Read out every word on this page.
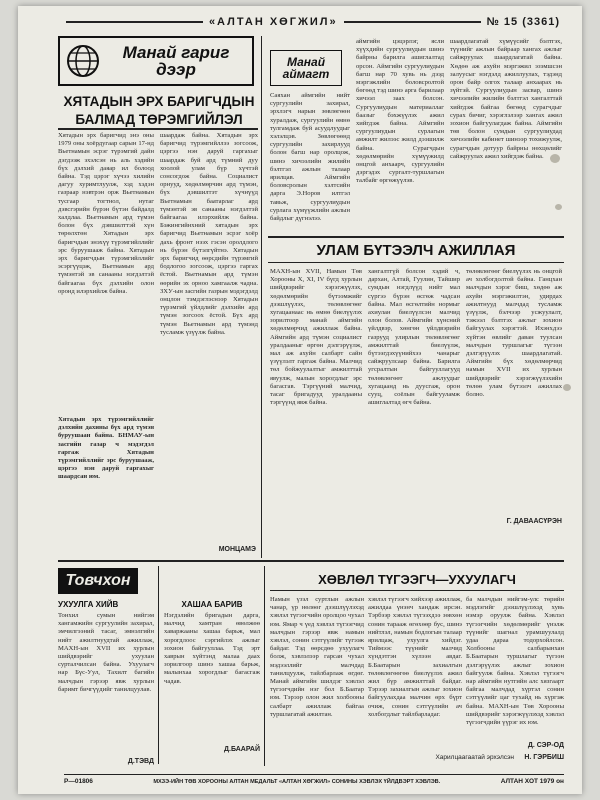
«АЛТАН ХӨГЖИЛ»	№ 15 (3361)
Манай гариг дээр
ХЯТАДЫН ЭРХ БАРИГЧДЫН
БАЛМАД ТӨРЭМГИЙЛЭЛ
Хятадын эрх баригчид энэ оны 1979 оны хоёрдугаар сарын 17-нд Вьетнамын эсрэг түрэмгий дайн дэгдээж эхэлсэн нь аль хэдийн бүх дэлхий даяар ил болоод байна. Тэд цэрэг хүчээ хилийн дагуу хуримтлуулж, хэд хэдэн газраар нэвтрэн орж Вьетнамын тусгаар тогтнол, нутаг дэвсгэрийн бүрэн бүтэн байдалд халдлаа. Вьетнамын ард түмэн болон бүх дэвшилттэй хүн төрөлхтөн Хятадын эрх баригчдын энэхүү түрэмгийллийг эрс буруушааж байна. Хятадын эрх баригчдын түрэмгийллийг эсэргүүцэж, Вьетнамын ард түмэнтэй эв санааны нэгдэлтэй байгаагаа бүх дэлхийн олон оронд илэрхийлж байна.
Хятадын эрх түрэмгийллийг дэлхийн дахины бүх ард түмэн буруушаан байна. БНМАУ-ын засгийн газар ч мэдэгдэл гаргаж Хятадын түрэмгийллийг эрс буруушааж, цэргээ нэн даруй гаргахыг шаардсан юм.
шаардаж байна. Хятадын эрх баригчид түрэмгийллээ зогсоож, цэргээ нэн даруй гаргахыг шаардаж буй ард түмний дуу хоолой улам бүр хүчтэй сонсогдож байна. Социалист орнууд, хөдөлмөрчин ард түмэн, бүх дэвшилтэт хүчнүүд Вьетнамын баатарлаг ард түмэнтэй эв санааны нэгдэлтэй байгаагаа илэрхийлж байна. Бэжингийнхний хятадын эрх баригчид Вьетнамын эсрэг хоёр дахь фронт нээх гэсэн оролдлого нь бүрэн бүтэлгүйтнэ. Хятадын эрх баригчид өөрсдийн түрэмгий бодлогоо зогсоож, цэргээ гаргах ёстой. Вьетнамын ард түмэн өөрийн эх орноо хамгаалж чадна. ЗХУ-ын засгийн газрын мэдэгдэлд онцлон тэмдэглэснээр Хятадын түрэмгий үйлдлийг дэлхийн ард түмэн зогсоох ёстой. Бүх ард түмэн Вьетнамын ард түмэнд тусламж үзүүлж байна.
МОНЦАМЭ
Манай аймагт
Саяхан аймгийн нийт сургуулийн захирал, эрхлэгч нарын зөвлөгөөн хуралдаж, сургуулийн өмнө тулгамдаж буй асуудлуудыг хэлэлцэв. Зөвлөгөөнд сургуулийн захирлууд болон багш нар оролцож, шинэ хичээлийн жилийн бэлтгэл ажлын талаар ярилцав. Аймгийн боловсролын хэлтсийн дарга Э.Норов илтгэл тавьж, сургуулиудын сурлага хүмүүжлийн ажлын байдлыг дүгнэлээ.
аймгийн цэцэрлэг, ясли хүүхдийн сургуулиудын шинэ байрны барилга ашиглалтад орсон. Аймгийн сургуулиудын багш нар 70 хувь нь дээд мэргэжлийн боловсролтой бөгөөд тэд шинэ арга барилаар хичээл заах болсон. Сургуулиудын материаллаг баазыг бэхжүүлэх ажил хийгдэж байна. Аймгийн сургуулиудын сурлагын амжилт жилээс жилд дээшилж байна. Сурагчдын хөдөлмөрийн хүмүүжилд онцгой анхаарч, сургуулийн дэргэдэх сургалт-туршлагын талбайг өргөжүүлэв.
шаардлагатай хүмүүсийг бэлтгэх, түүнийг ажлын байраар хангах ажлыг сайжруулах шаардлагатай байна. Хөдөө аж ахуйн мэргэжил эзэмшсэн залуусыг нэгдэлд ажиллуулах, тэдэнд орон байр олгох талаар анхаарах нь зүйтэй. Сургуулиудын засвар, шинэ хичээлийн жилийн бэлтгэл хангалттай хийгдэж байгаа бөгөөд сурагчдыг сурах бичиг, хэрэглэлээр хангах ажил зохион байгуулагдаж байна. Аймгийн төв болон сумдын сургуулиудад хичээлийн кабинет шинээр тохижуулж, сурагчдын дотуур байрны нөхцөлийг сайжруулах ажил хийгдэж байна.
УЛАМ БҮТЭЭЛЧ АЖИЛЛАЯ
МАХН-ын XVII, Намын Төв Хорооны X, XI, IV бүгд хурлын шийдвэрийг хэрэгжүүлэх, хөдөлмөрийн бүтээмжийг дээшлүүлэх, төлөвлөгөөг хугацаанаас нь өмнө биелүүлэх зорилтоор манай аймгийн хөдөлмөрчид ажиллаж байна. Аймгийн ард түмэн социалист уралдааныг өргөн дэлгэрүүлж, мал аж ахуйн салбарт сайн үзүүлэлт гаргаж байна. Малчид төл бойжуулалтыг амжилттай явуулж, малын хорогдлыг эрс багасгав. Тэргүүний малчид, тасаг бригадууд уралдааны тэргүүнд явж байна.
хангалтгүй болсон хэдий ч, дархан, Алтай, Гуулин, Тайшир сумдын нэгдлүүд нийт мал сүргээ бүрэн өсгөж чадсан байна. Мал өсгөлтийн нормыг ахиулан биелүүлсэн малчид олон болов. Аймгийн хүнсний үйлдвэр, хөнгөн үйлдвэрийн газрууд улирлын төлөвлөгөөг амжилттай биелүүлж, бүтээгдэхүүнийхээ чанарыг сайжруулсаар байна. Барилга угсралтын байгууллагууд төлөвлөгөөт ажлуудыг хугацаанд нь дуусгаж, орон сууц, соёлын байгууламж ашиглалтад өгч байна.
төлөвлөгөөг биелүүлэх нь онцгой ач холбогдолтой байна. Ганцхан малчдын хэрэг биш, хөдөө аж ахуйн мэргэжилтэн, удирдах ажилтнууд малчдад тусламж үзүүлж, бэлчээр усжуулалт, тэжээл бэлтгэх ажлыг зохион байгуулах хэрэгтэй. Ихэнхдээ хүйтэн өвлийг даван туулсан малчдын туршлагыг түгээн дэлгэрүүлэх шаардлагатай. Аймгийн бүх хөдөлмөрчид намын XVII их хурлын шийдвэрийг хэрэгжүүлэхийн төлөө улам бүтээлч ажиллах болно.
Г. ДАВААСҮРЭН
Товчхон
УХУУЛГА ХИЙВ
Тонхил сумын нийгэм хангамжийн сургуулийн захирал, эмчилгээний тасаг, эмнэлгийн нийт ажилтнуудтай ажиллаж, МАХН-ын XVII их хурлын шийдвэрийг ухуулан сурталчилсан байна. Ухуулагч нар Бүс-Уул, Тахилт багийн малчдын гэрээр явж хурлын баримт бичгүүдийг танилцуулав.
Д.ТЭВД
ХАШАА БАРИВ
Нэгдэлийн бригадын дарга, малчид хамтран өвөлжөө хаваржааны хашаа барьж, мал хорогдлоос сэргийлэх ажлыг зохион байгууллаа. Тэд эрт хаврын хүйтэнд малаа даах зорилгоор шинэ хашаа барьж, малынхаа хорогдлыг багасгаж чадав.
Д.БААРАЙ
ХӨВЛӨЛ ТҮГЭЭГЧ—УХУУЛАГЧ
Намын үзэл суртлын ажлын чанар, үр нөлөөг дээшлүүлэхэд хэвлэл түгээгчийн оролцоо чухал юм. Ямар ч үед хэвлэл түгээгчид малчдын гэрээр явж намын хэвлэл, сонин сэтгүүлийг түгээж байдаг. Тэд өөрсдөө ухуулагч болж, хэвлэлээр гарсан чухал мэдээллийг малчдад танилцуулж, тайлбарлаж өгдөг. Манай аймгийн шилдэг хэвлэл түгээгчдийн нэг бол Б.Баатар юм. Тэрээр олон жил холбооны салбарт ажиллаж байгаа туршлагатай ажилтан.
хэвлэл түгээгч хийхээр ажиллаж, ажилдаа үнэнч хандаж ирсэн. Тэрбээр хэвлэл түгээхдээ зөвхөн сонин тарааж өгөхөөр бус, шинэ нийтлэл, намын бодлогын талаар ярилцаж, ухуулга хийдэг. Тиймээс түүнийг малчид хүндэтгэн хүлээн авдаг. Б.Баатарын захиалгын төлөвлөгөөгөө биелүүлэх ажил жил бүр амжилттай байдаг. Тэрээр захиалгын ажлыг зохион байгуулахдаа малчин өрх бүрт очиж, сонин сэтгүүлийн ач холбогдлыг тайлбарладаг.
ба малчдын нийгэм-улс төрийн мэдлэгийг дээшлүүлэхэд хувь нэмэр оруулж байна. Хэвлэл түгээгчийн хөдөлмөрийг үнэлж түүнийг шагнал урамшуулалд удаа дараа тодорхойлсон. Холбооны салбарынхан Б.Баатарын туршлагыг түгээн дэлгэрүүлэх ажлыг зохион байгуулж байна. Хэвлэл түгээгч нар аймгийн нутгийн алс хязгаарт байгаа малчдад хүртэл сонин сэтгүүлийг цаг тухайд нь хүргэж байна. МАХН-ын Төв Хорооны шийдвэрийг хэрэгжүүлэхэд хэвлэл түгээгчдийн үүрэг их юм.
Д. СЭР-ОД
Харилцаагаатай эрхэлсэн	Н. ГЭРБИШ
Р—01806	МХЗЭ-ИЙН ТӨВ ХОРООНЫ АЛТАН МЕДАЛЬТ «АЛТАН ХӨГЖИЛ» СОНИНЫ ХЭВЛЭХ ҮЙЛДВЭРТ ХЭВЛЭВ.	АЛТАН ХОТ 1979 он
